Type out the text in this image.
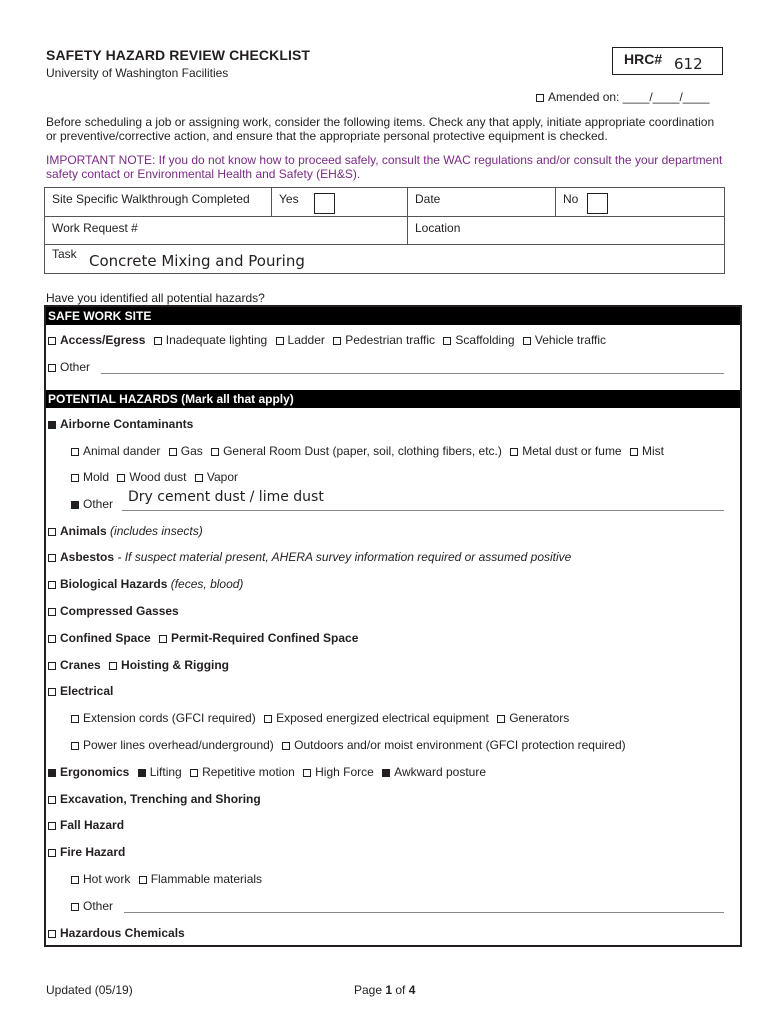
SAFETY HAZARD REVIEW CHECKLIST
University of Washington Facilities
HRC# 612
Amended on: ____/____/____
Before scheduling a job or assigning work, consider the following items. Check any that apply, initiate appropriate coordination or preventive/corrective action, and ensure that the appropriate personal protective equipment is checked.
IMPORTANT NOTE: If you do not know how to proceed safely, consult the WAC regulations and/or consult the your department safety contact or Environmental Health and Safety (EH&S).
Site Specific Walkthrough Completed Yes	Date	No
Work Request #	Location
Task Concrete Mixing and Pouring
Have you identified all potential hazards?
SAFE WORK SITE
Access/Egress Inadequate lighting Ladder Pedestrian traffic Scaffolding Vehicle traffic
Other
POTENTIAL HAZARDS (Mark all that apply)
Airborne Contaminants
Animal dander Gas General Room Dust (paper, soil, clothing fibers, etc.) Metal dust or fume Mist
Mold Wood dust Vapor
Other Dry cement dust / lime dust
Animals (includes insects)
Asbestos - If suspect material present, AHERA survey information required or assumed positive
Biological Hazards (feces, blood)
Compressed Gasses
Confined Space Permit-Required Confined Space
Cranes Hoisting & Rigging
Electrical
Extension cords (GFCI required) Exposed energized electrical equipment Generators
Power lines overhead/underground) Outdoors and/or moist environment (GFCI protection required)
Ergonomics Lifting Repetitive motion High Force Awkward posture
Excavation, Trenching and Shoring
Fall Hazard
Fire Hazard
Hot work Flammable materials
Other
Hazardous Chemicals
Updated (05/19)	Page 1 of 4
